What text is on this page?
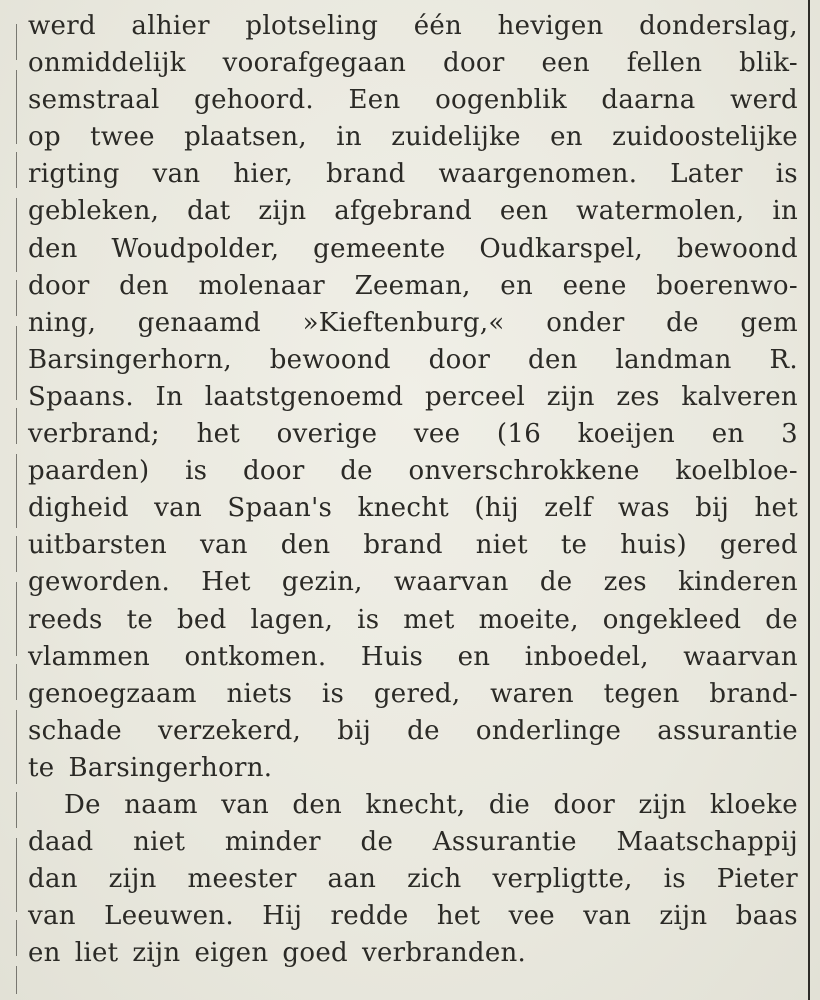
werd alhier plotseling één hevigen donderslag,
onmiddelijk voorafgegaan door een fellen blik-
semstraal gehoord. Een oogenblik daarna werd
op twee plaatsen, in zuidelijke en zuidoostelijke
rigting van hier, brand waargenomen. Later is
gebleken, dat zijn afgebrand een watermolen, in
den Woudpolder, gemeente Oudkarspel, bewoond
door den molenaar Zeeman, en eene boerenwo-
ning, genaamd »Kieftenburg,« onder de gem
Barsingerhorn, bewoond door den landman R.
Spaans. In laatstgenoemd perceel zijn zes kalveren
verbrand; het overige vee (16 koeijen en 3
paarden) is door de onverschrokkene koelbloe-
digheid van Spaan's knecht (hij zelf was bij het
uitbarsten van den brand niet te huis) gered
geworden. Het gezin, waarvan de zes kinderen
reeds te bed lagen, is met moeite, ongekleed de
vlammen ontkomen. Huis en inboedel, waarvan
genoegzaam niets is gered, waren tegen brand-
schade verzekerd, bij de onderlinge assurantie
te Barsingerhorn.
De naam van den knecht, die door zijn kloeke
daad niet minder de Assurantie Maatschappij
dan zijn meester aan zich verpligtte, is Pieter
van Leeuwen. Hij redde het vee van zijn baas
en liet zijn eigen goed verbranden.
